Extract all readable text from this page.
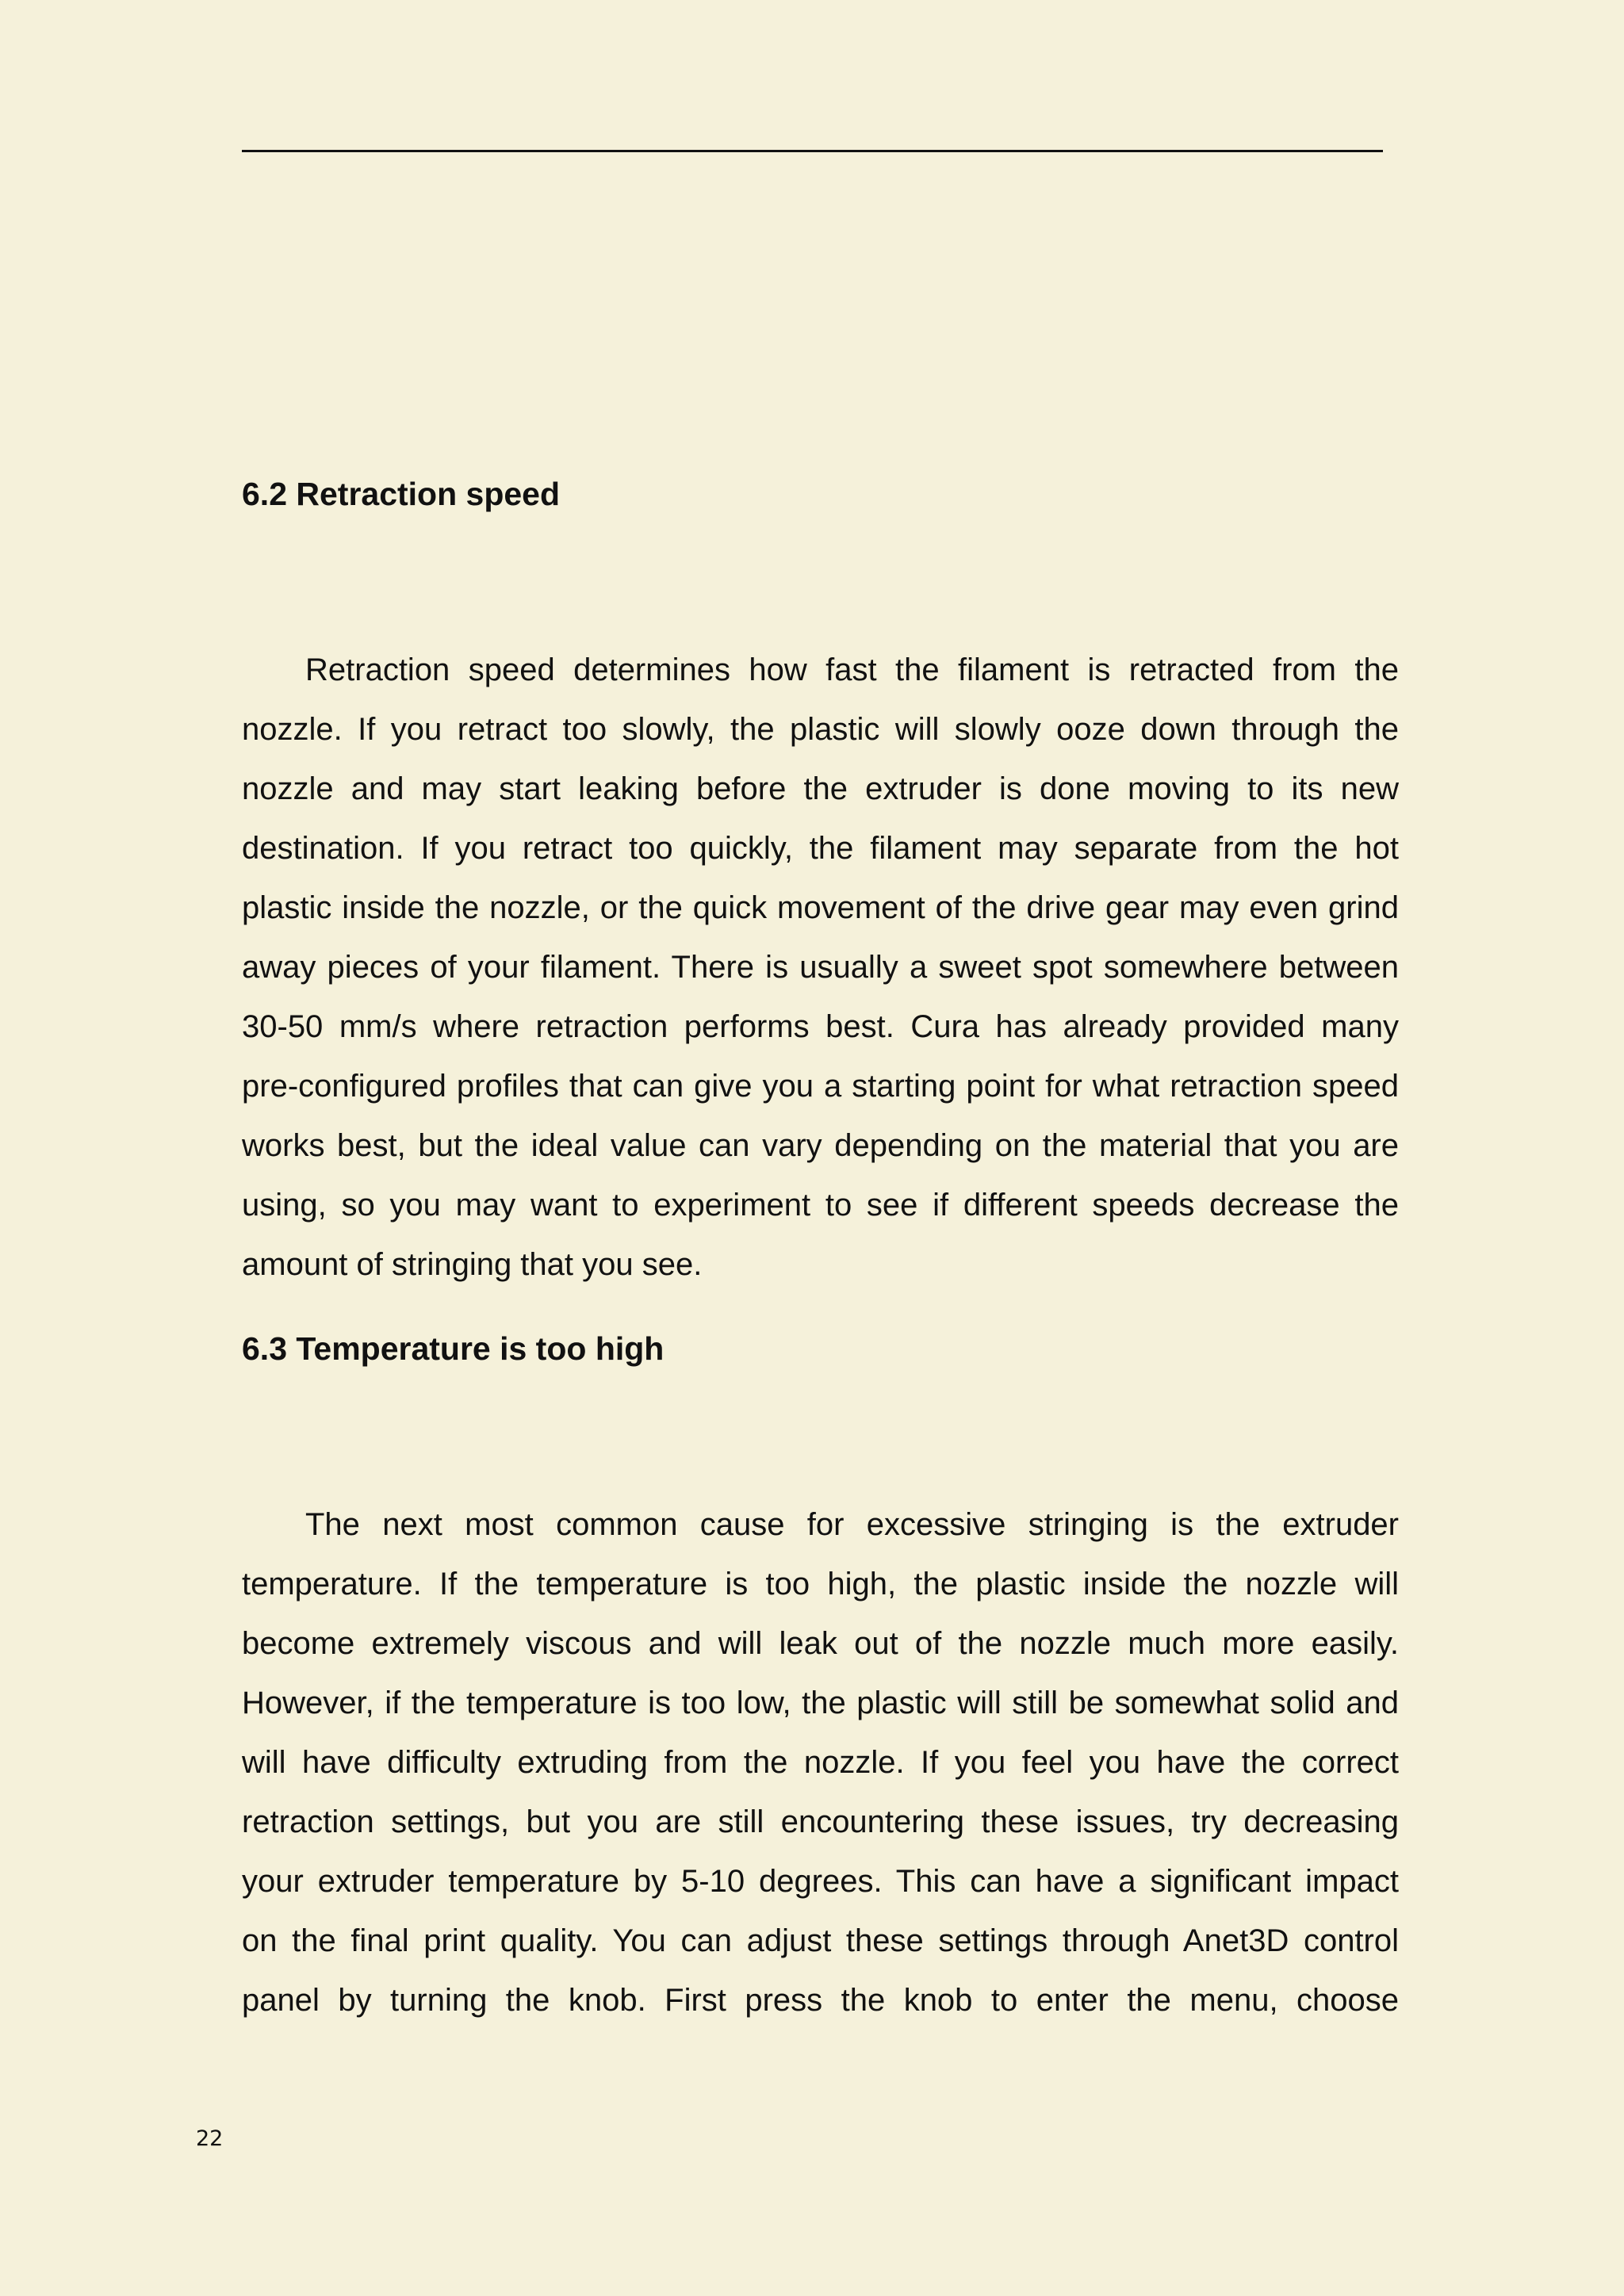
6.2 Retraction speed
Retraction speed determines how fast the filament is retracted from the
nozzle. If you retract too slowly, the plastic will slowly ooze down through the
nozzle and may start leaking before the extruder is done moving to its new
destination. If you retract too quickly, the filament may separate from the hot
plastic inside the nozzle, or the quick movement of the drive gear may even grind
away pieces of your filament. There is usually a sweet spot somewhere between
30-50 mm/s where retraction performs best. Cura has already provided many
pre-configured profiles that can give you a starting point for what retraction speed
works best, but the ideal value can vary depending on the material that you are
using, so you may want to experiment to see if different speeds decrease the
amount of stringing that you see.
6.3 Temperature is too high
The next most common cause for excessive stringing is the extruder
temperature. If the temperature is too high, the plastic inside the nozzle will
become extremely viscous and will leak out of the nozzle much more easily.
However, if the temperature is too low, the plastic will still be somewhat solid and
will have difficulty extruding from the nozzle. If you feel you have the correct
retraction settings, but you are still encountering these issues, try decreasing
your extruder temperature by 5-10 degrees. This can have a significant impact
on the final print quality. You can adjust these settings through Anet3D control
panel by turning the knob. First press the knob to enter the menu, choose
22
